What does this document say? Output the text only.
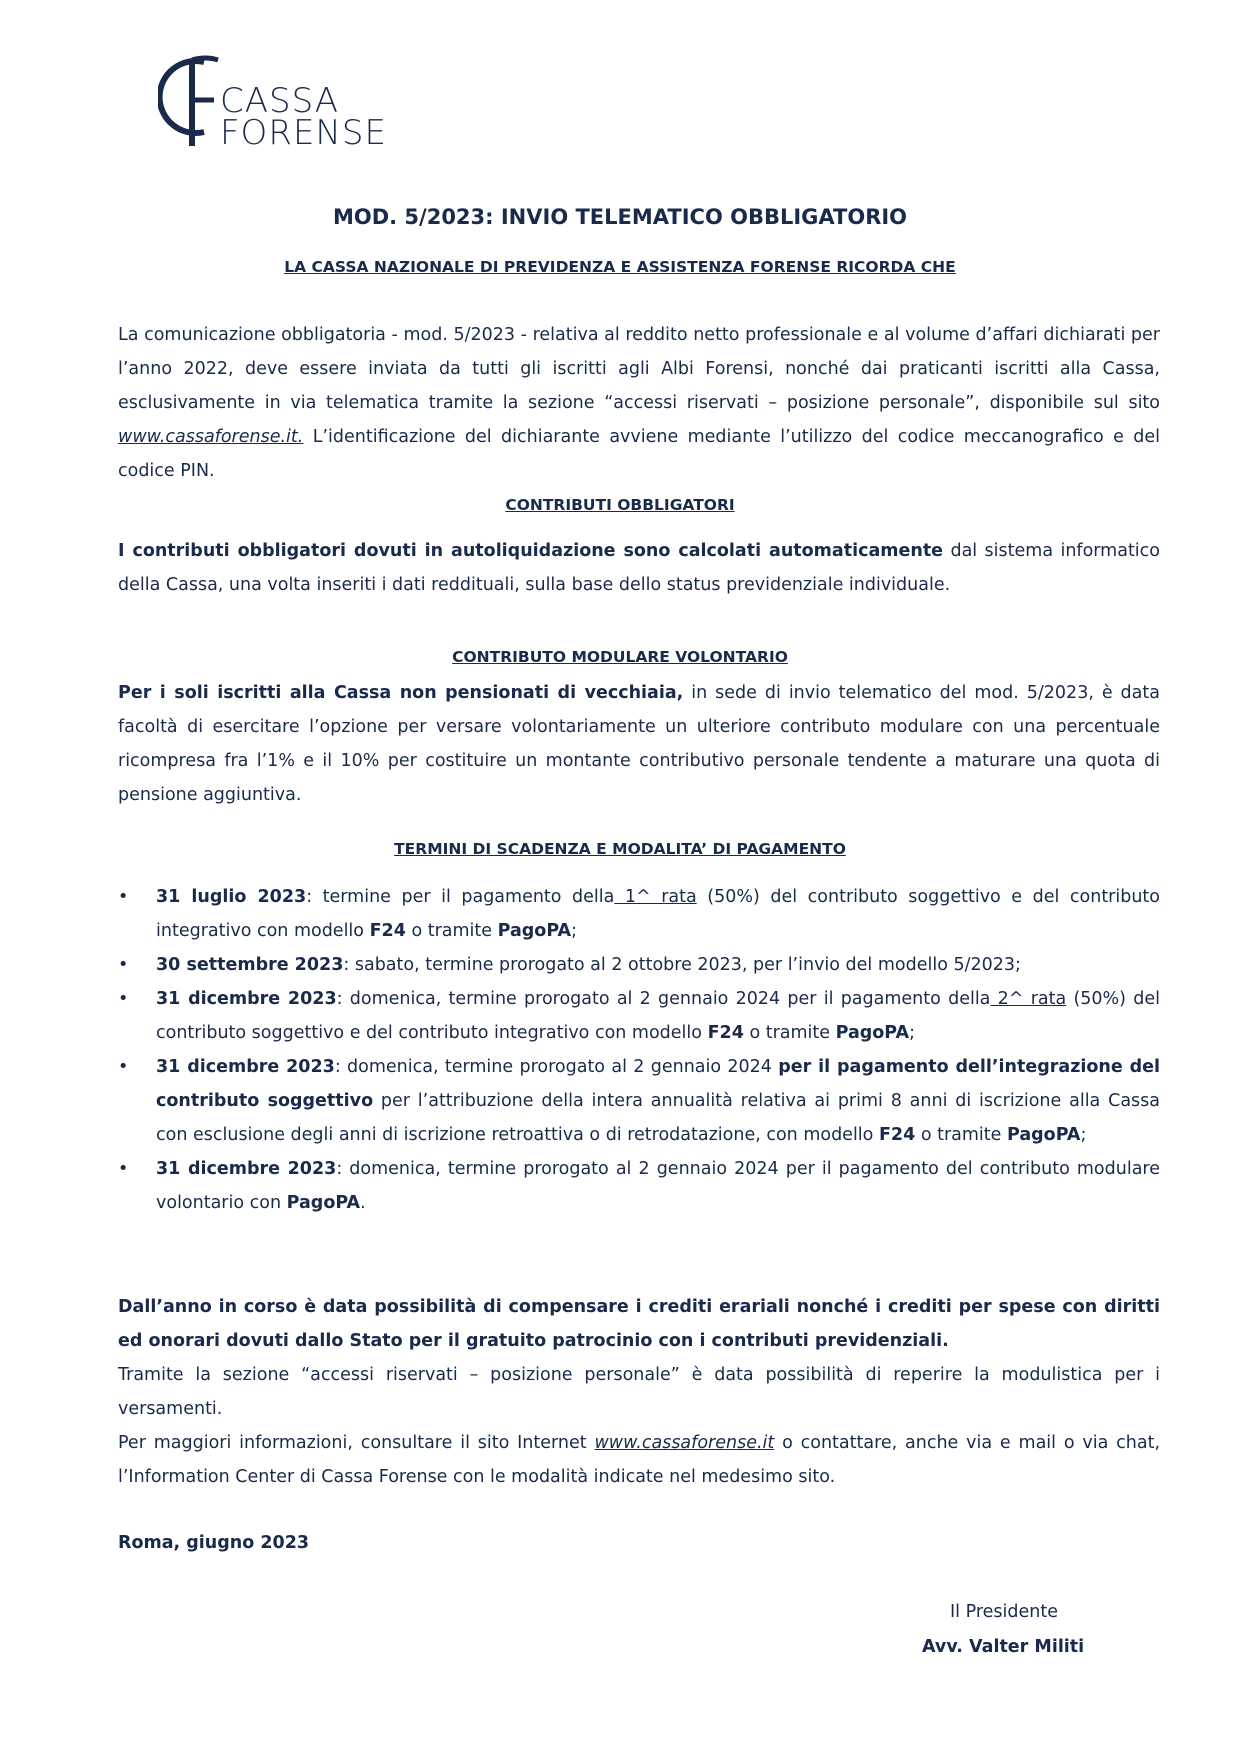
CASSA
FORENSE
MOD. 5/2023: INVIO TELEMATICO OBBLIGATORIO
LA CASSA NAZIONALE DI PREVIDENZA E ASSISTENZA FORENSE RICORDA CHE
La comunicazione obbligatoria - mod. 5/2023 - relativa al reddito netto professionale e al volume d’affari dichiarati per l’anno 2022, deve essere inviata da tutti gli iscritti agli Albi Forensi, nonché dai praticanti iscritti alla Cassa, esclusivamente in via telematica tramite la sezione “accessi riservati – posizione personale”, disponibile sul sito www.cassaforense.it. L’identificazione del dichiarante avviene mediante l’utilizzo del codice meccanografico e del codice PIN.
CONTRIBUTI OBBLIGATORI
I contributi obbligatori dovuti in autoliquidazione sono calcolati automaticamente dal sistema informatico della Cassa, una volta inseriti i dati reddituali, sulla base dello status previdenziale individuale.
CONTRIBUTO MODULARE VOLONTARIO
Per i soli iscritti alla Cassa non pensionati di vecchiaia, in sede di invio telematico del mod. 5/2023, è data facoltà di esercitare l’opzione per versare volontariamente un ulteriore contributo modulare con una percentuale ricompresa fra l’1% e il 10% per costituire un montante contributivo personale tendente a maturare una quota di pensione aggiuntiva.
TERMINI DI SCADENZA E MODALITA’ DI PAGAMENTO
• 31 luglio 2023: termine per il pagamento della 1^ rata (50%) del contributo soggettivo e del contributo integrativo con modello F24 o tramite PagoPA;
• 30 settembre 2023: sabato, termine prorogato al 2 ottobre 2023, per l’invio del modello 5/2023;
• 31 dicembre 2023: domenica, termine prorogato al 2 gennaio 2024 per il pagamento della 2^ rata (50%) del contributo soggettivo e del contributo integrativo con modello F24 o tramite PagoPA;
• 31 dicembre 2023: domenica, termine prorogato al 2 gennaio 2024 per il pagamento dell’integrazione del contributo soggettivo per l’attribuzione della intera annualità relativa ai primi 8 anni di iscrizione alla Cassa con esclusione degli anni di iscrizione retroattiva o di retrodatazione, con modello F24 o tramite PagoPA;
• 31 dicembre 2023: domenica, termine prorogato al 2 gennaio 2024 per il pagamento del contributo modulare volontario con PagoPA.
Dall’anno in corso è data possibilità di compensare i crediti erariali nonché i crediti per spese con diritti ed onorari dovuti dallo Stato per il gratuito patrocinio con i contributi previdenziali.
Tramite la sezione “accessi riservati – posizione personale” è data possibilità di reperire la modulistica per i versamenti.
Per maggiori informazioni, consultare il sito Internet www.cassaforense.it o contattare, anche via e mail o via chat, l’Information Center di Cassa Forense con le modalità indicate nel medesimo sito.
Roma, giugno 2023
Il Presidente
Avv. Valter Militi
